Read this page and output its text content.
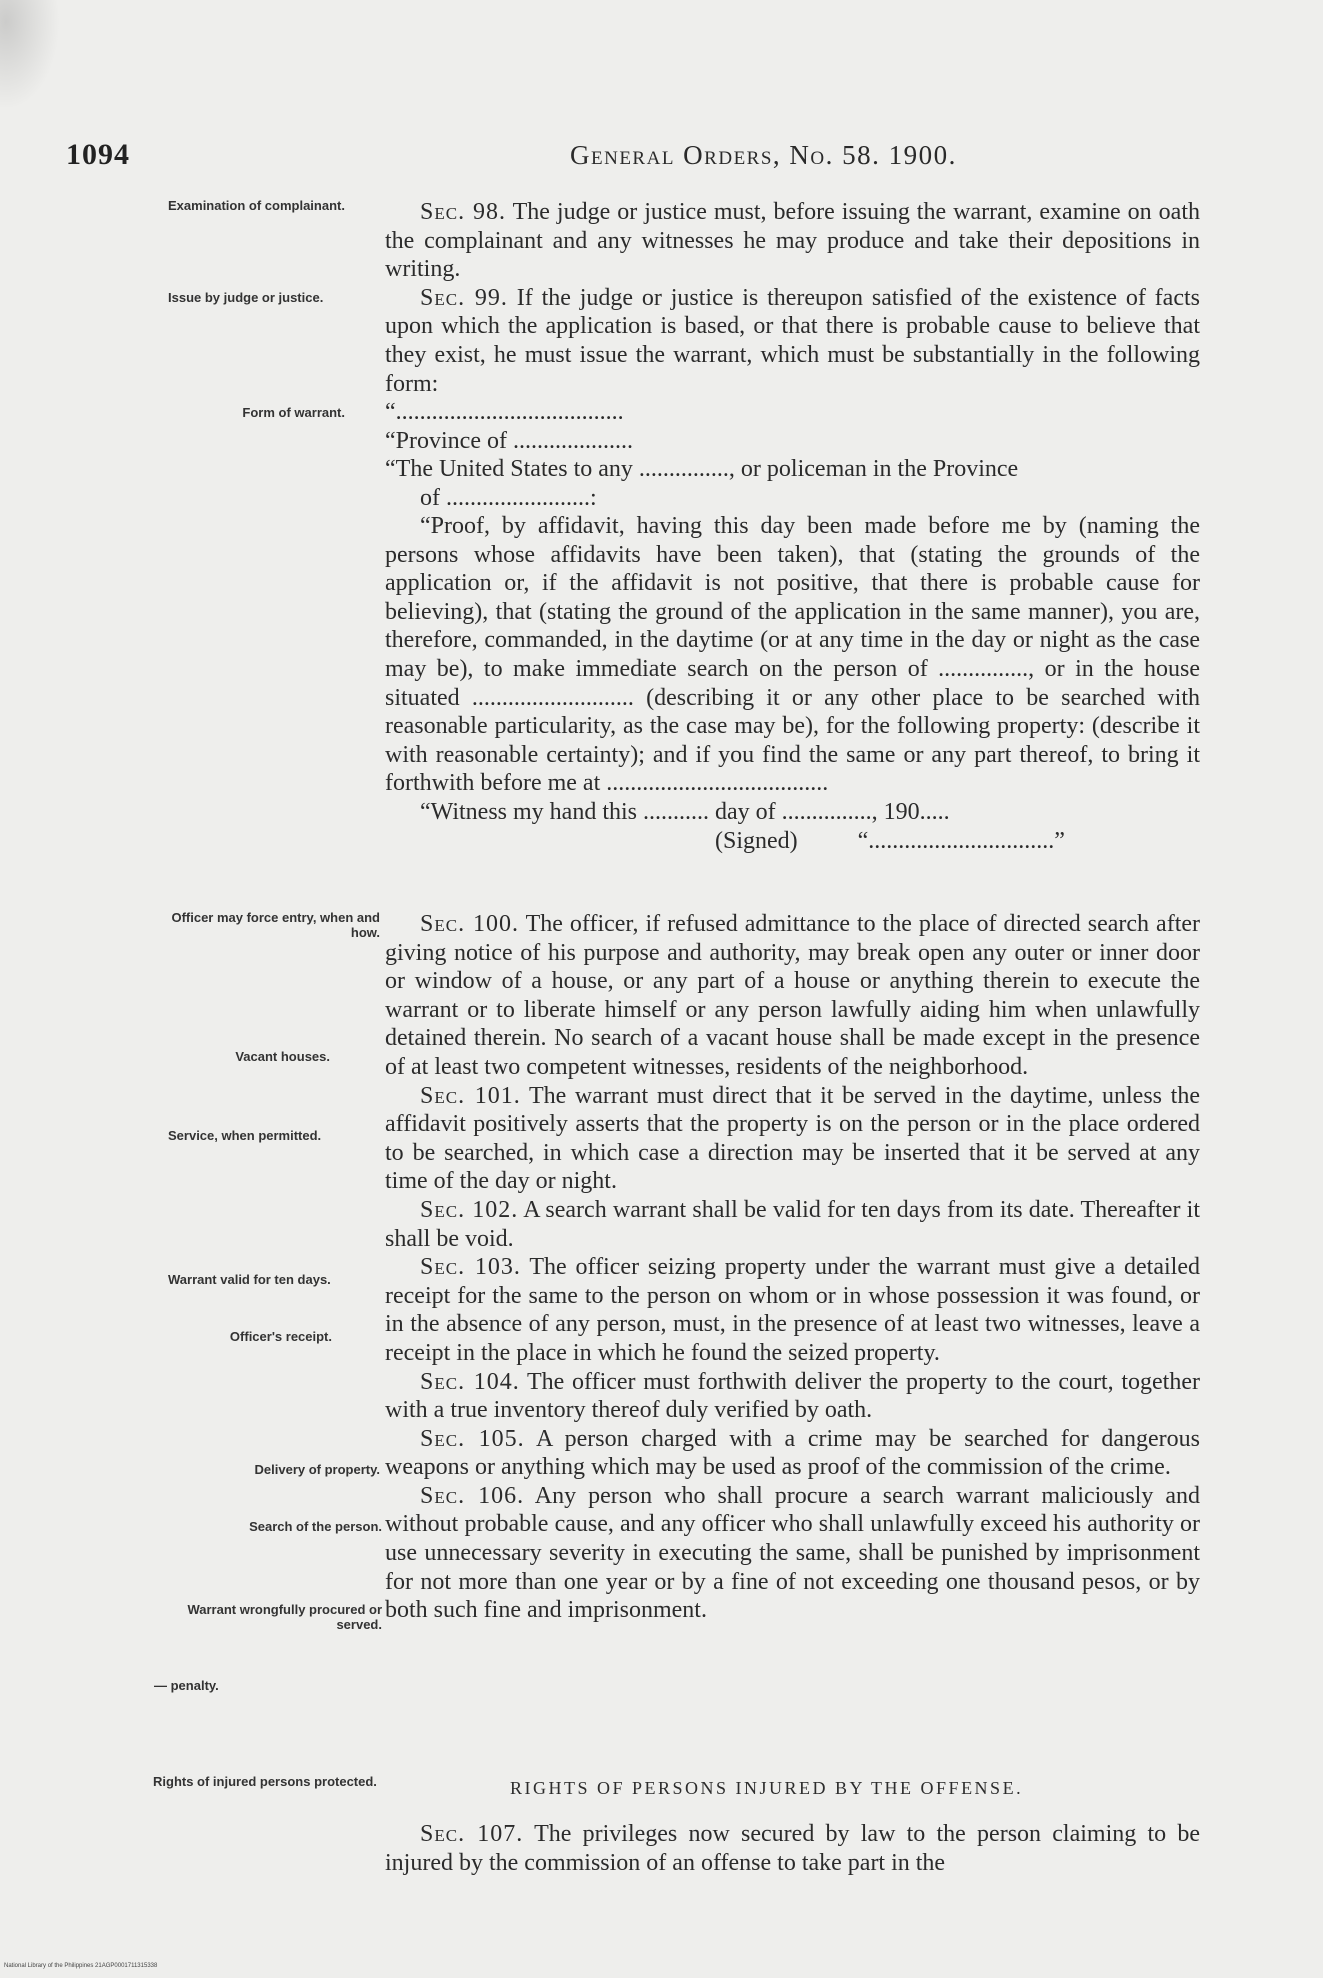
1094	General Orders, No. 58. 1900.
Examination of complainant.
Issue by judge or justice.
Form of warrant.
Officer may force entry, when and how.
Vacant houses.
Service, when permitted.
Warrant valid for ten days.
Officer's receipt.
Delivery of property.
Search of the person.
Warrant wrongfully procured or served.
— penalty.
Rights of injured persons protected.

Sec. 98. The judge or justice must, before issuing the warrant, examine on oath the complainant and any witnesses he may produce and take their depositions in writing.

Sec. 99. If the judge or justice is thereupon satisfied of the existence of facts upon which the application is based, or that there is probable cause to believe that they exist, he must issue the warrant, which must be substantially in the following form:

“......................................

“Province of ....................

“The United States to any ..............., or policeman in the Province

of ........................:

“Proof, by affidavit, having this day been made before me by (naming the persons whose affidavits have been taken), that (stating the grounds of the application or, if the affidavit is not positive, that there is probable cause for believing), that (stating the ground of the application in the same manner), you are, therefore, commanded, in the daytime (or at any time in the day or night as the case may be), to make immediate search on the person of ..............., or in the house situated ........................... (describing it or any other place to be searched with reasonable particularity, as the case may be), for the following property: (describe it with reasonable certainty); and if you find the same or any part thereof, to bring it forthwith before me at .....................................

“Witness my hand this ........... day of ..............., 190.....

(Signed)          “...............................”

Sec. 100. The officer, if refused admittance to the place of directed search after giving notice of his purpose and authority, may break open any outer or inner door or window of a house, or any part of a house or anything therein to execute the warrant or to liberate himself or any person lawfully aiding him when unlawfully detained therein. No search of a vacant house shall be made except in the presence of at least two competent witnesses, residents of the neighborhood.

Sec. 101. The warrant must direct that it be served in the daytime, unless the affidavit positively asserts that the property is on the person or in the place ordered to be searched, in which case a direction may be inserted that it be served at any time of the day or night.

Sec. 102. A search warrant shall be valid for ten days from its date. Thereafter it shall be void.

Sec. 103. The officer seizing property under the warrant must give a detailed receipt for the same to the person on whom or in whose possession it was found, or in the absence of any person, must, in the presence of at least two witnesses, leave a receipt in the place in which he found the seized property.

Sec. 104. The officer must forthwith deliver the property to the court, together with a true inventory thereof duly verified by oath.

Sec. 105. A person charged with a crime may be searched for dangerous weapons or anything which may be used as proof of the commission of the crime.

Sec. 106. Any person who shall procure a search warrant maliciously and without probable cause, and any officer who shall unlawfully exceed his authority or use unnecessary severity in executing the same, shall be punished by imprisonment for not more than one year or by a fine of not exceeding one thousand pesos, or by both such fine and imprisonment.

RIGHTS OF PERSONS INJURED BY THE OFFENSE.

Sec. 107. The privileges now secured by law to the person claiming to be injured by the commission of an offense to take part in the

National Library of the Philippines 21AGP0001711315338
